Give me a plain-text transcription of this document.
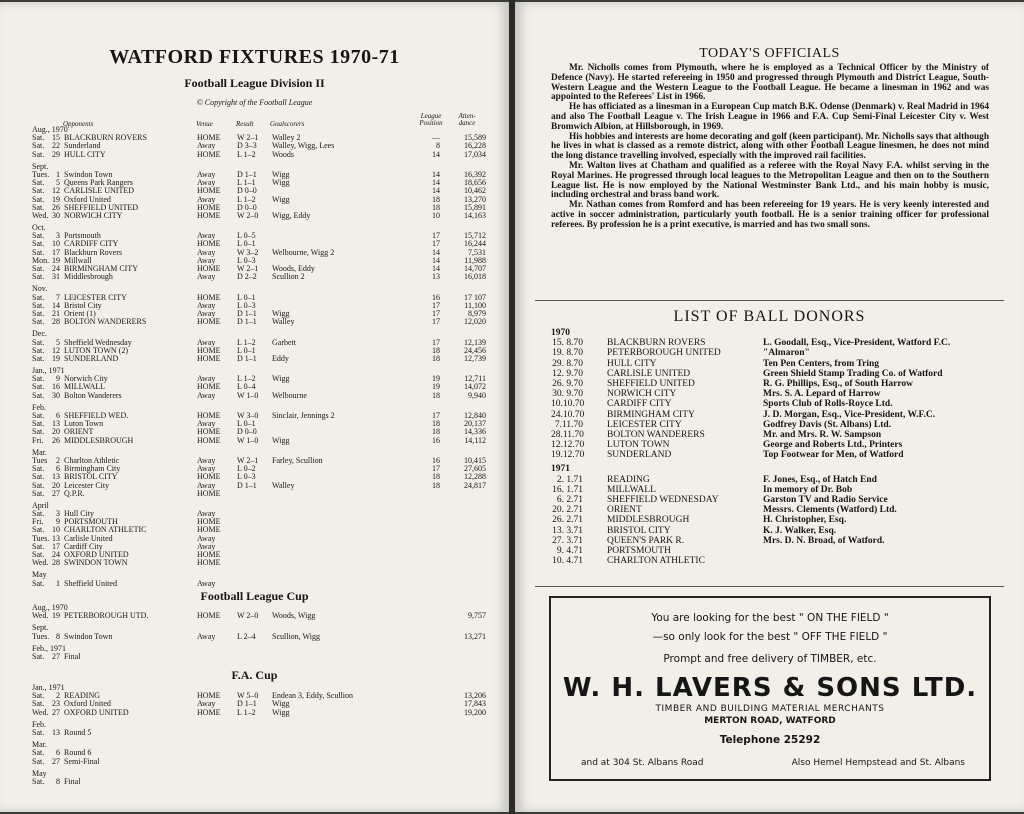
WATFORD FIXTURES 1970-71
Football League Division II
© Copyright of the Football League
Opponents	Venue	Result Goalscorers
League Position
Atten- dance
Aug., 1970
Sat. 15 BLACKBURN ROVERS	HOME W 2–1 Walley 2	—	15,589
Sat. 22 Sunderland	Away	D 3–3 Walley, Wigg, Lees	8	16,228
Sat. 29 HULL CITY	HOME L 1–2 Woods	14	17,034
Sept.
Tues. 1 Swindon Town	Away	D 1–1 Wigg	14	16,392
Sat.	5 Queens Park Rangers	Away	L 1–1 Wigg	14	18,656
Sat. 12 CARLISLE UNITED	HOME D 0–0	14	10,462
Sat. 19 Oxford United	Away	L 1–2 Wigg	18	13,270
Sat. 26 SHEFFIELD UNITED	HOME D 0–0	18	15,891
Wed. 30 NORWICH CITY	HOME W 2–0 Wigg, Eddy	10	14,163
Oct.
Sat.	3 Portsmouth	Away	L 0–5	17	15,712
Sat. 10 CARDIFF CITY	HOME L 0–1	17	16,244
Sat. 17 Blackburn Rovers	Away	W 3–2 Welbourne, Wigg 2	14	7,531
Mon. 19 Millwall	Away	L 0–3	14	11,988
Sat. 24 BIRMINGHAM CITY	HOME W 2–1 Woods, Eddy	14	14,707
Sat. 31 Middlesbrough	Away	D 2–2 Scullion 2	13	16,018
Nov.
Sat.	7 LEICESTER CITY	HOME L 0–1	16	17 107
Sat. 14 Bristol City	Away	L 0–3	17	11,100
Sat. 21 Orient (1)	Away	D 1–1 Wigg	17	8,979
Sat. 28 BOLTON WANDERERS	HOME D 1–1 Walley	17	12,020
Dec.
Sat.	5 Sheffield Wednesday	Away	L 1–2 Garbett	17	12,139
Sat. 12 LUTON TOWN (2)	HOME L 0–1	18	24,456
Sat. 19 SUNDERLAND	HOME D 1–1 Eddy	18	12,739
Jan., 1971
Sat.	9 Norwich City	Away	L 1–2 Wigg	19	12,711
Sat. 16 MILLWALL	HOME L 0–4	19	14,072
Sat. 30 Bolton Wanderers	Away	W 1–0 Welbourne	18	9,940
Feb.
Sat.	6 SHEFFIELD WED.	HOME W 3–0 Sinclair, Jennings 2	17	12,840
Sat. 13 Luton Town	Away	L 0–1	18	20,137
Sat. 20 ORIENT	HOME D 0–0	18	14,336
Fri.	26 MIDDLESBROUGH	HOME W 1–0 Wigg	16	14,112
Mar.
Tues	2 Charlton Athletic	Away	W 2–1 Farley, Scullion	16	10,415
Sat.	6 Birmingham City	Away	L 0–2	17	27,605
Sat. 13 BRISTOL CITY	HOME L 0–3	18	12,288
Sat. 20 Leicester City	Away	D 1–1 Walley	18	24,817
Sat. 27 Q.P.R.	HOME
April
Sat.	3 Hull City	Away
Fri.	9 PORTSMOUTH	HOME
Sat. 10 CHARLTON ATHLETIC	HOME
Tues. 13 Carlisle United	Away
Sat. 17 Cardiff City	Away
Sat. 24 OXFORD UNITED	HOME
Wed. 28 SWINDON TOWN	HOME
May
Sat.	1 Sheffield United	Away
Football League Cup
Aug., 1970
Wed. 19 PETERBOROUGH UTD.	HOME W 2–0 Woods, Wigg	9,757
Sept.
Tues. 8 Swindon Town	Away	L 2–4 Scullion, Wigg	13,271
Feb., 1971
Sat. 27 Final
F.A. Cup
Jan., 1971
Sat.	2 READING	HOME W 5–0 Endean 3, Eddy, Scullion	13,206
Sat. 23 Oxford United	Away	D 1–1 Wigg	17,843
Wed. 27 OXFORD UNITED	HOME L 1–2 Wigg	19,200
Feb.
Sat. 13 Round 5
Mar.
Sat.	6 Round 6
Sat. 27 Semi-Final
May
Sat.	8 Final
TODAY'S OFFICIALS

Mr. Nicholls comes from Plymouth, where he is employed as a Technical Officer by the Ministry of Defence (Navy). He started refereeing in 1950 and progressed through Plymouth and District League, South-Western League and the Western League to the Football League. He became a linesman in 1962 and was appointed to the Referees' List in 1966.

He has officiated as a linesman in a European Cup match B.K. Odense (Denmark) v. Real Madrid in 1964 and also The Football League v. The Irish League in 1966 and F.A. Cup Semi-Final Leicester City v. West Bromwich Albion, at Hillsborough, in 1969.

His hobbies and interests are home decorating and golf (keen participant). Mr. Nicholls says that although he lives in what is classed as a remote district, along with other Football League linesmen, he does not mind the long distance travelling involved, especially with the improved rail facilities.

Mr. Walton lives at Chatham and qualified as a referee with the Royal Navy F.A. whilst serving in the Royal Marines. He progressed through local leagues to the Metropolitan League and then on to the Southern League list. He is now employed by the National Westminster Bank Ltd., and his main hobby is music, including orchestral and brass band work.

Mr. Nathan comes from Romford and has been refereeing for 19 years. He is very keenly interested and active in soccer administration, particularly youth football. He is a senior training officer for professional referees. By profession he is a print executive, is married and has two small sons.

LIST OF BALL DONORS
1970
15. 8.70	BLACKBURN ROVERS	L. Goodall, Esq., Vice-President, Watford F.C.
19. 8.70	PETERBOROUGH UNITED	"Almaron"
29. 8.70	HULL CITY	Ten Pen Centers, from Tring
12. 9.70	CARLISLE UNITED	Green Shield Stamp Trading Co. of Watford
26. 9.70	SHEFFIELD UNITED	R. G. Phillips, Esq., of South Harrow
30. 9.70	NORWICH CITY	Mrs. S. A. Lepard of Harrow
10.10.70 CARDIFF CITY	Sports Club of Rolls-Royce Ltd.
24.10.70 BIRMINGHAM CITY	J. D. Morgan, Esq., Vice-President, W.F.C.
7.11.70	LEICESTER CITY	Godfrey Davis (St. Albans) Ltd.
28.11.70 BOLTON WANDERERS	Mr. and Mrs. R. W. Sampson
12.12.70 LUTON TOWN	George and Roberts Ltd., Printers
19.12.70 SUNDERLAND	Top Footwear for Men, of Watford
1971
2. 1.71	READING	F. Jones, Esq., of Hatch End
16. 1.71	MILLWALL	In memory of Dr. Bob
6. 2.71	SHEFFIELD WEDNESDAY	Garston TV and Radio Service
20. 2.71	ORIENT	Messrs. Clements (Watford) Ltd.
26. 2.71	MIDDLESBROUGH	H. Christopher, Esq.
13. 3.71	BRISTOL CITY	K. J. Walker, Esq.
27. 3.71	QUEEN'S PARK R.	Mrs. D. N. Broad, of Watford.
9. 4.71	PORTSMOUTH
10. 4.71	CHARLTON ATHLETIC
You are looking for the best " ON THE FIELD "
—so only look for the best " OFF THE FIELD "
Prompt and free delivery of TIMBER, etc.
W. H. LAVERS & SONS LTD.
TIMBER AND BUILDING MATERIAL MERCHANTS
MERTON ROAD, WATFORD
Telephone 25292
and at 304 St. Albans Road	Also Hemel Hempstead and St. Albans
